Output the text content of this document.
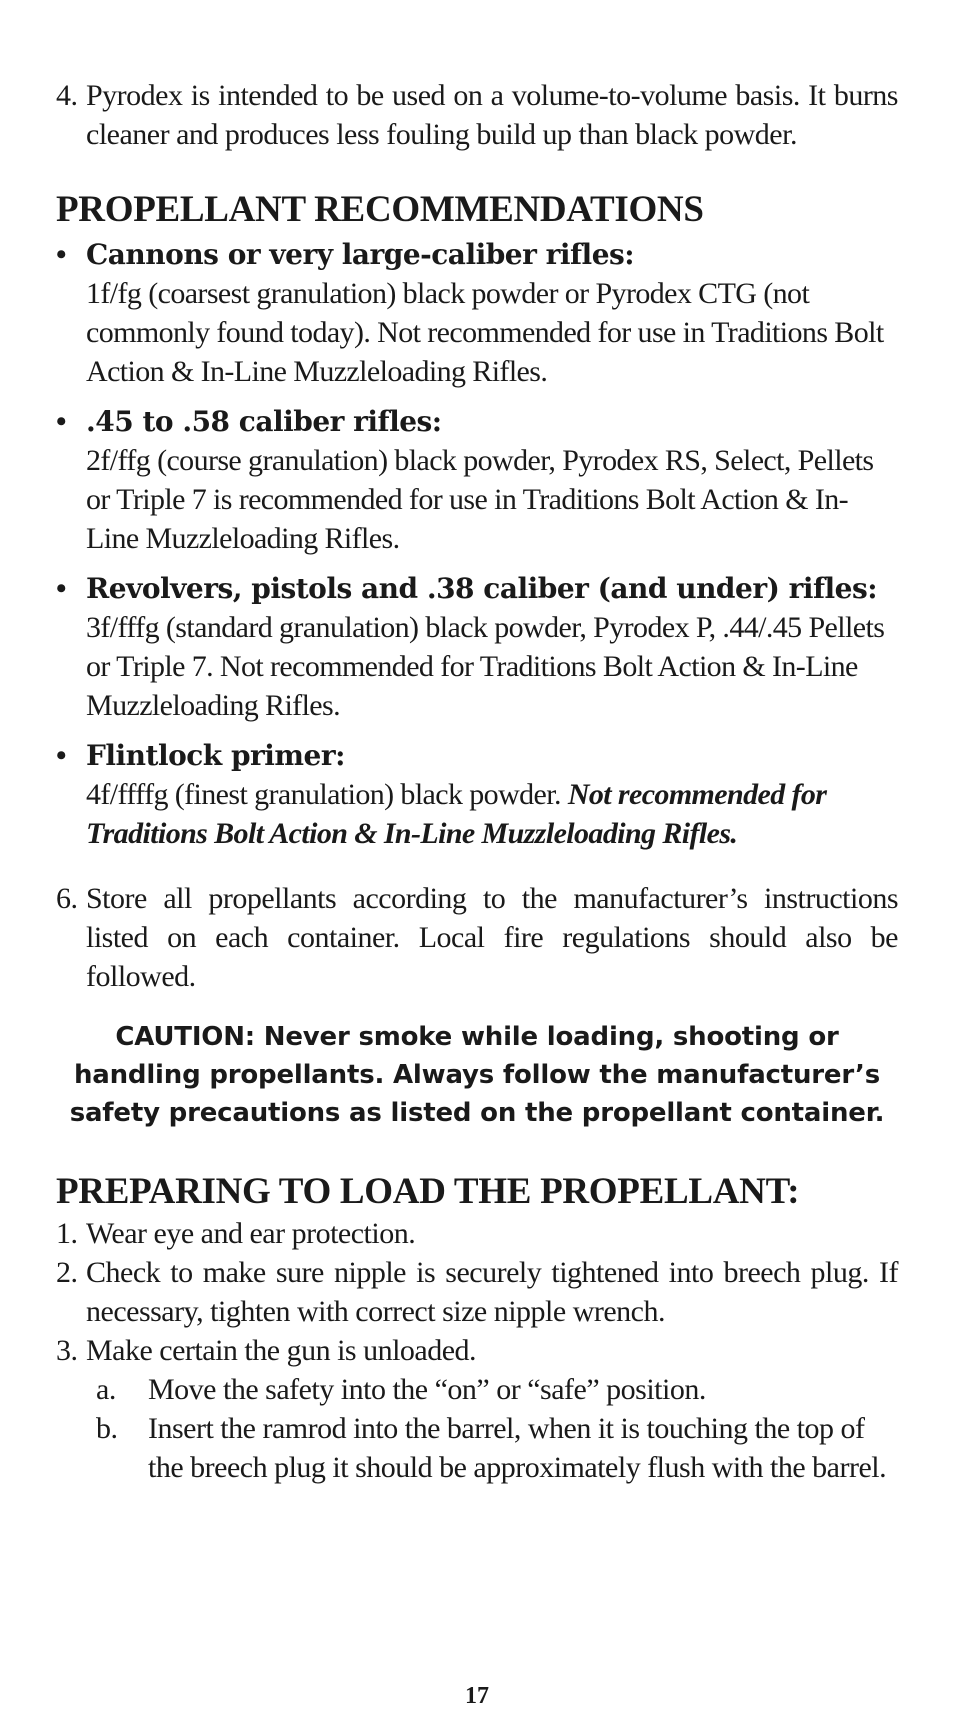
4. Pyrodex is intended to be used on a volume-to-volume basis. It burns cleaner and produces less fouling build up than black powder.
PROPELLANT RECOMMENDATIONS
• Cannons or very large-caliber rifles:
1f/fg (coarsest granulation) black powder or Pyrodex CTG (not commonly found today). Not recommended for use in Traditions Bolt Action & In-Line Muzzleloading Rifles.
• .45 to .58 caliber rifles:
2f/ffg (course granulation) black powder, Pyrodex RS, Select, Pellets or Triple 7 is recommended for use in Traditions Bolt Action & In-Line Muzzleloading Rifles.
• Revolvers, pistols and .38 caliber (and under) rifles:
3f/fffg (standard granulation) black powder, Pyrodex P, .44/.45 Pellets or Triple 7. Not recommended for Traditions Bolt Action & In-Line Muzzleloading Rifles.
• Flintlock primer:
4f/ffffg (finest granulation) black powder. Not recommended for Traditions Bolt Action & In-Line Muzzleloading Rifles.
6. Store all propellants according to the manufacturer’s instructions listed on each container. Local fire regulations should also be followed.
CAUTION: Never smoke while loading, shooting or
handling propellants. Always follow the manufacturer’s
safety precautions as listed on the propellant container.
PREPARING TO LOAD THE PROPELLANT:
1. Wear eye and ear protection.
2. Check to make sure nipple is securely tightened into breech plug. If necessary, tighten with correct size nipple wrench.
3. Make certain the gun is unloaded.
a.	Move the safety into the “on” or “safe” position.
b.	Insert the ramrod into the barrel, when it is touching the top of the breech plug it should be approximately flush with the barrel.
17
